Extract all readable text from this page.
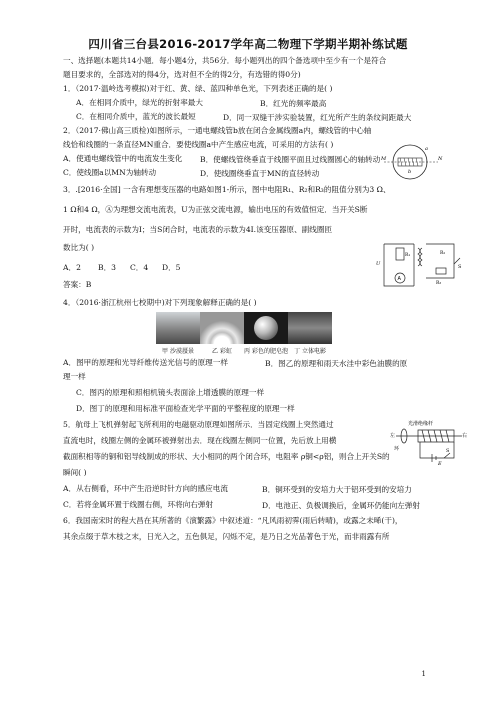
四川省三台县2016-2017学年高二物理下学期半期补练试题
一、选择题(本题共14小题．每小题4分，共56分．每小题列出的四个备选项中至少有一个是符合
题目要求的，全部选对的得4分，选对但不全的得2分，有选错的得0分)
1．（2017·温岭选考模拟)对于红、黄、绿、蓝四种单色光，下列表述正确的是( )
A．在相同介质中，绿光的折射率最大	B．红光的频率最高
C．在相同介质中，蓝光的波长最短	D．同一双缝干涉实验装置，红光所产生的条纹间距最大
2．（2017·佛山高三质检)如图所示，一通电螺线管b放在闭合金属线圈a内，螺线管的中心轴
线恰和线圈的一条直径MN重合．要使线圈a中产生感应电流，可采用的方法有( )
A．使通电螺线管中的电流发生变化 B．使螺线管绕垂直于线圈平面且过线圈圆心的轴转动
C．使线圈a以MN为轴转动	D．使线圈绕垂直于MN的直径转动
M	N
a
b
3．.[2016·全国] 一含有理想变压器的电路如图1-所示，图中电阻R₁、R₂和R₃的阻值分别为3 Ω、
1 Ω和4 Ω，Ⓐ为理想交流电流表，U为正弦交流电源，输出电压的有效值恒定．当开关S断
开时，电流表的示数为I；当S闭合时，电流表的示数为4I.该变压器原、副线圈匝
数比为( )
A．2 B．3 C．4 D．5
答案：B
A
U
R₁	R₂
R₃
S
4．（2016·浙江杭州七校期中)对下列现象解释正确的是( )
甲 沙漠蜃景	乙 彩虹	丙 彩色的肥皂泡	丁 立体电影
A．图甲的原理和光导纤维传送光信号的原理一样	B．图乙的原理和雨天水洼中彩色油膜的原
理一样
C．图丙的原理和照相机镜头表面涂上增透膜的原理一样
D．图丁的原理和用标准平面检查光学平面的平整程度的原理一样
5．航母上飞机弹射起飞所利用的电磁驱动原理如图所示．当固定线圈上突然通过
直流电时，线圈左侧的金属环被弹射出去．现在线圈左侧同一位置，先后放上用横
截面积相等的铜和铝导线制成的形状、大小相同的两个闭合环，电阻率 ρ铜<ρ铝，则合上开关S的
瞬间( )
光滑绝缘杆
左	右
环	S
E
A．从右侧看，环中产生沿逆时针方向的感应电流	B．铜环受到的安培力大于铝环受到的安培力
C．若将金属环置于线圈右侧，环将向右弹射	D．电池正、负极调换后，金属环仍能向左弹射
6．我国南宋时的程大昌在其所著的《演繁露》中叙述道：“凡风雨初霁(雨后转晴)，或露之未晞(干)，
其余点缀于草木枝之末，日光入之，五色俱足，闪烁不定，是乃日之光品著色于光，而非雨露有所
1
